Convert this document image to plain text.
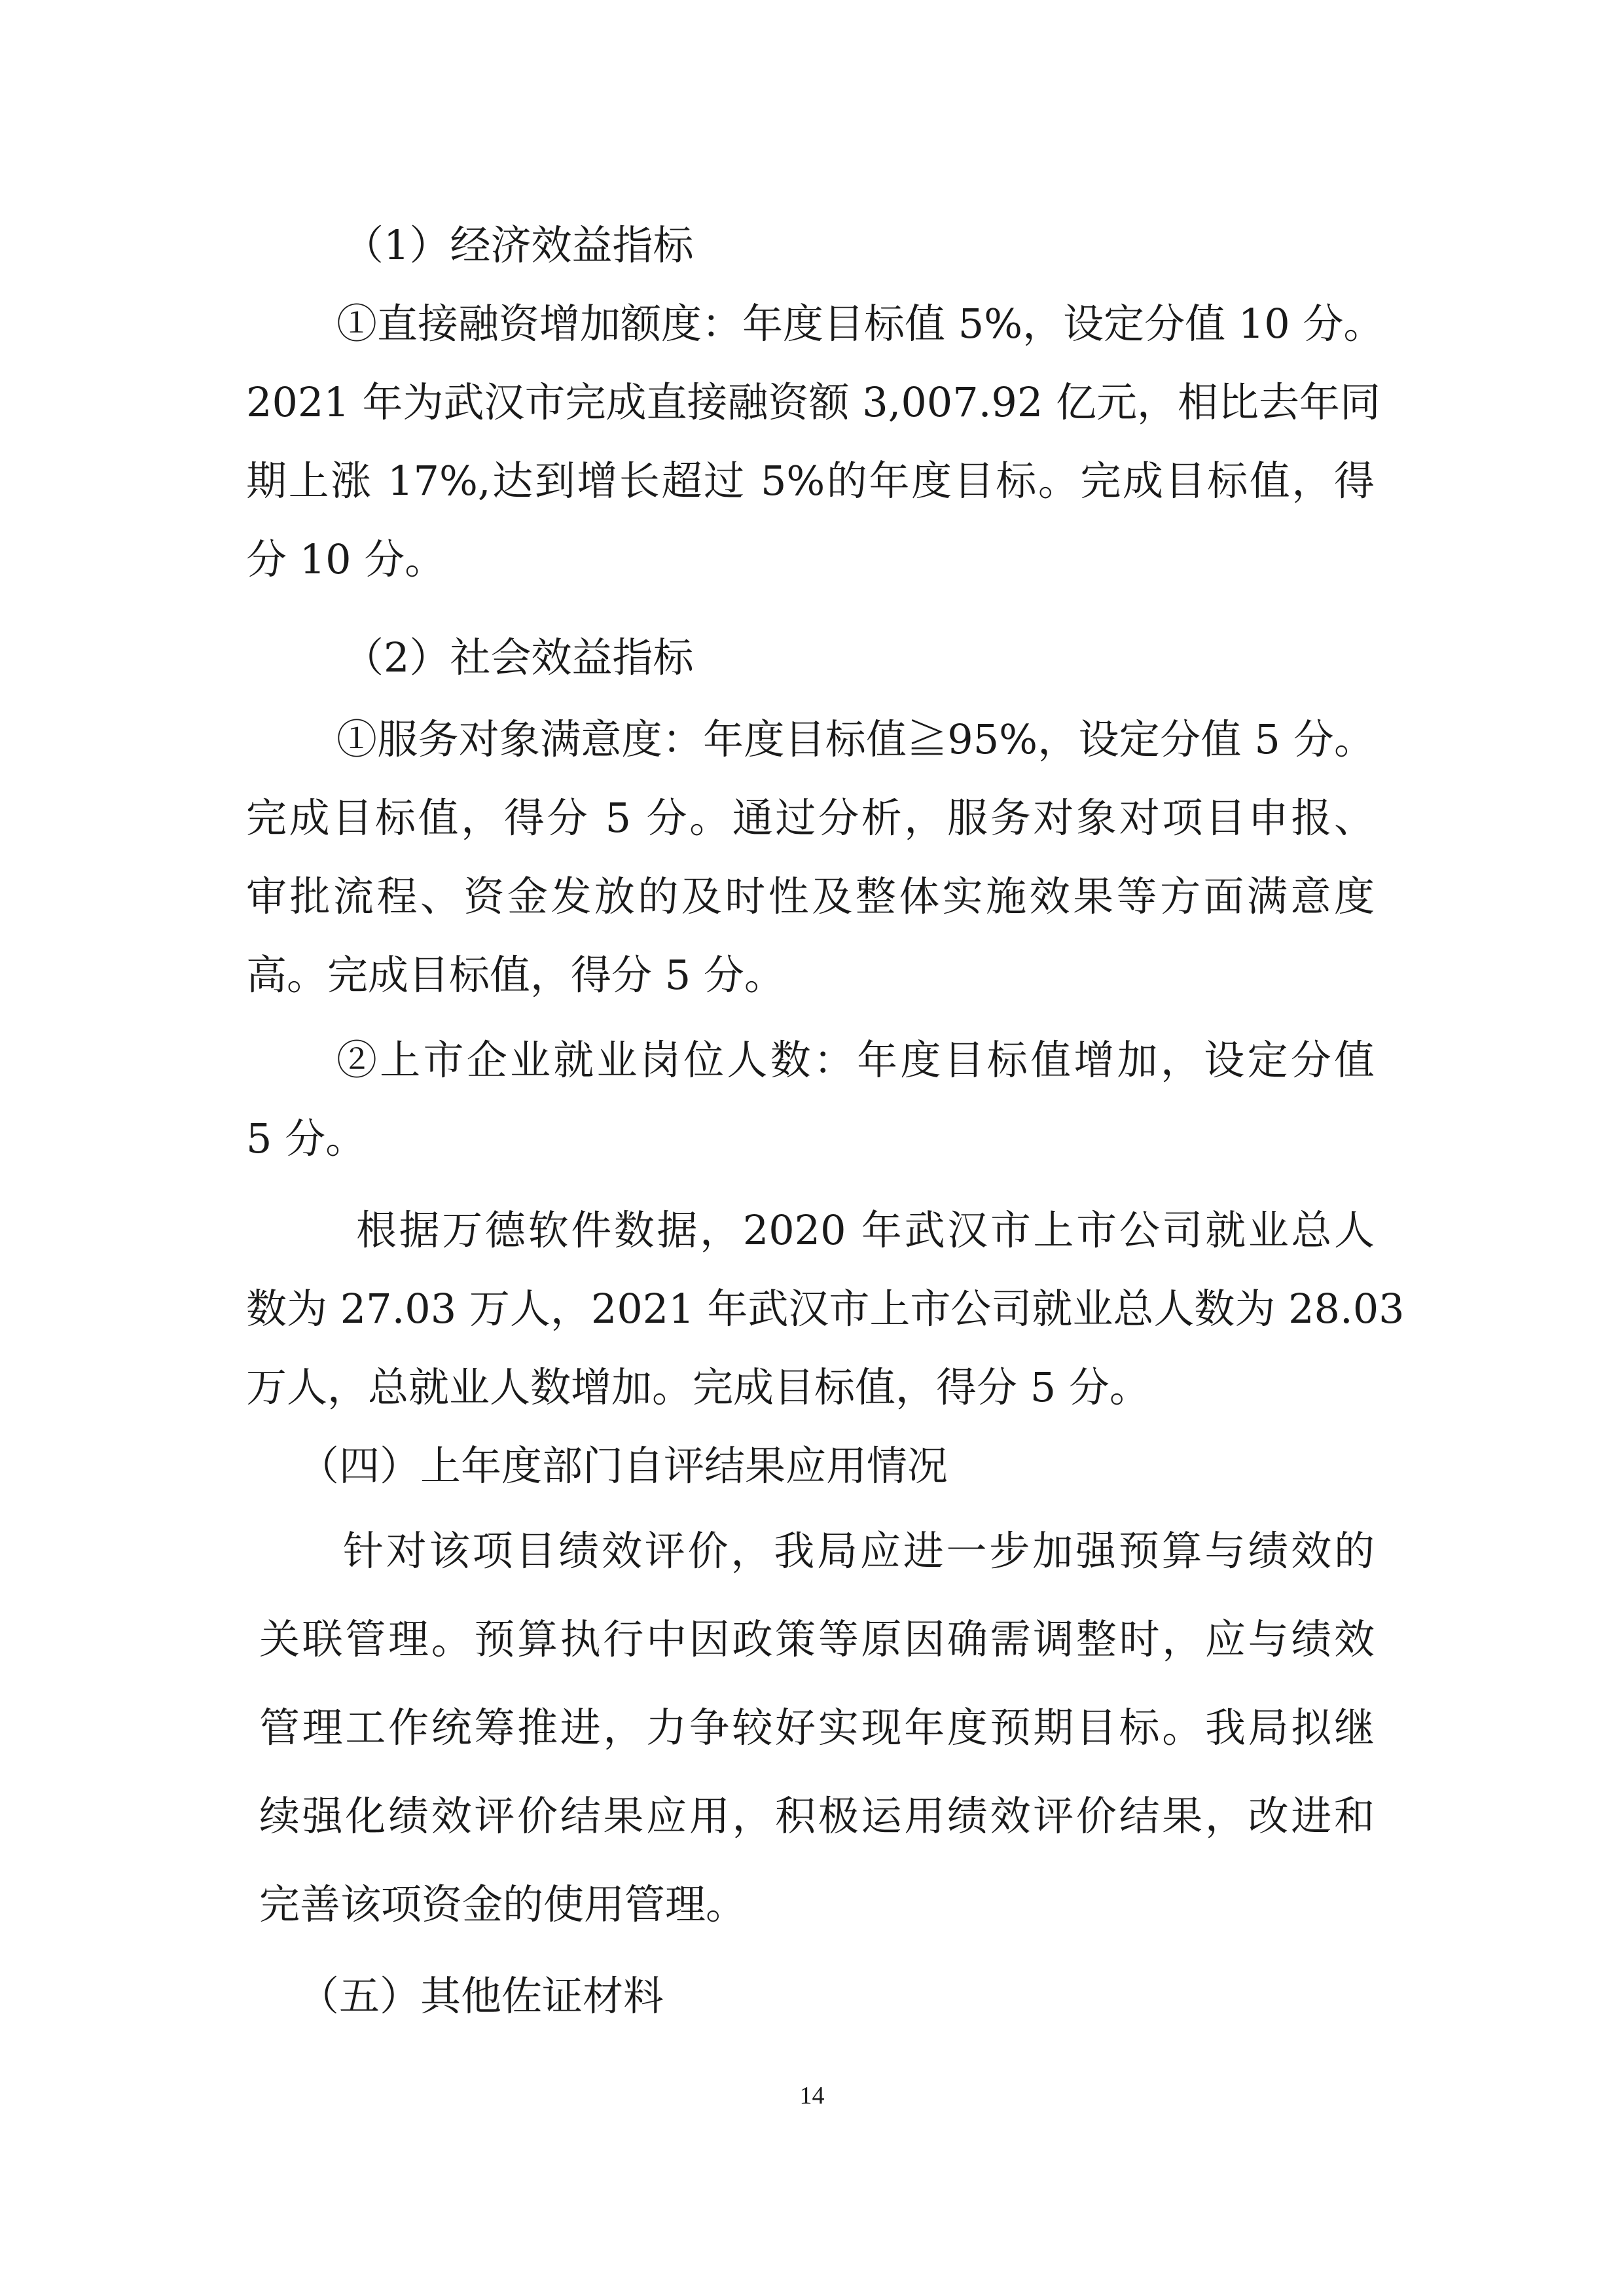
（1）经济效益指标
①直接融资增加额度：年度目标值 5%，设定分值 10 分。
2021 年为武汉市完成直接融资额 3,007.92 亿元，相比去年同
期上涨 17%,达到增长超过 5%的年度目标。完成目标值，得
分 10 分。
（2）社会效益指标
①服务对象满意度：年度目标值≧95%，设定分值 5 分。
完成目标值，得分 5 分。通过分析，服务对象对项目申报、
审批流程、资金发放的及时性及整体实施效果等方面满意度
高。完成目标值，得分 5 分。
②上市企业就业岗位人数：年度目标值增加，设定分值
5 分。
根据万德软件数据，2020 年武汉市上市公司就业总人
数为 27.03 万人，2021 年武汉市上市公司就业总人数为 28.03
万人，总就业人数增加。完成目标值，得分 5 分。
（四）上年度部门自评结果应用情况
针对该项目绩效评价，我局应进一步加强预算与绩效的
关联管理。预算执行中因政策等原因确需调整时，应与绩效
管理工作统筹推进，力争较好实现年度预期目标。我局拟继
续强化绩效评价结果应用，积极运用绩效评价结果，改进和
完善该项资金的使用管理。
（五）其他佐证材料
14
